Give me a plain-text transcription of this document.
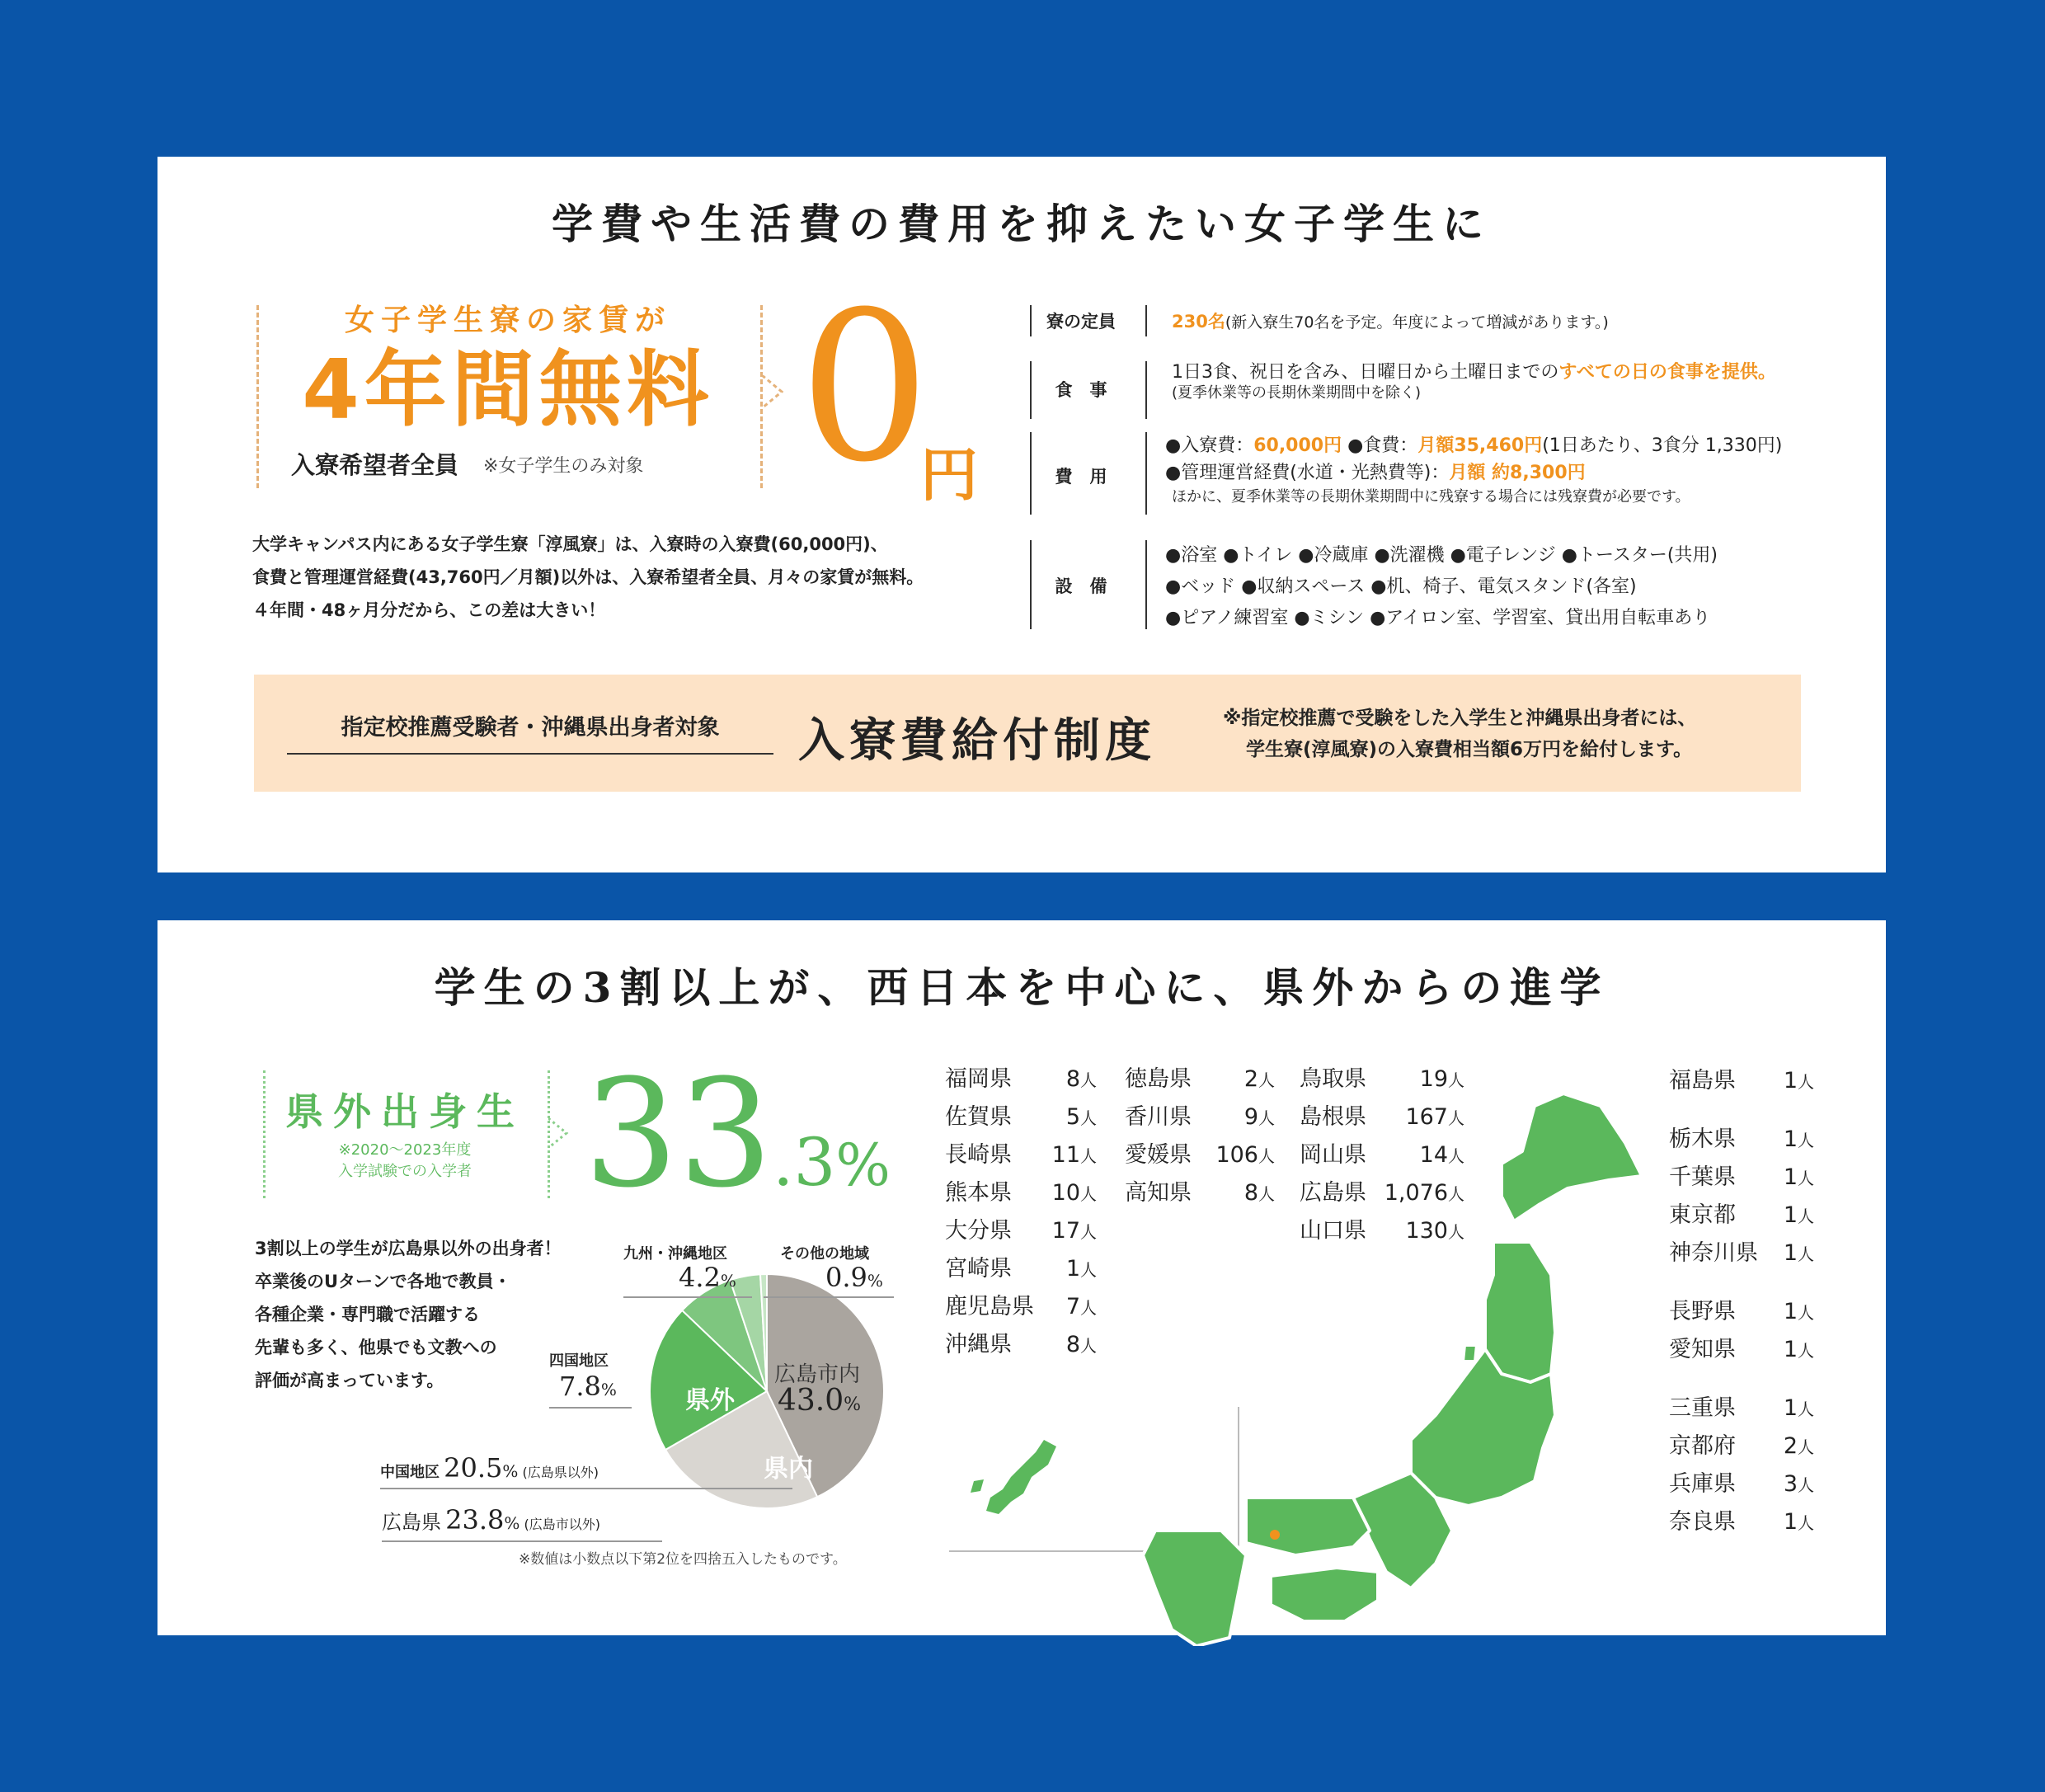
学費や生活費の費用を抑えたい女子学生に
女子学生寮の家賃が
4年間無料
入寮希望者全員 ※女子学生のみ対象 0
円
大学キャンパス内にある女子学生寮「淳風寮」は、入寮時の入寮費(60,000円)、
食費と管理運営経費(43,760円／月額)以外は、入寮希望者全員、月々の家賃が無料。
４年間・48ヶ月分だから、この差は大きい！
寮の定員	230名(新入寮生70名を予定。年度によって増減があります。)
食　事
1日3食、祝日を含み、日曜日から土曜日までのすべての日の食事を提供。
(夏季休業等の長期休業期間中を除く)
費　用
●入寮費：60,000円 ●食費：月額35,460円(1日あたり、3食分 1,330円)
●管理運営経費(水道・光熱費等)：月額 約8,300円
ほかに、夏季休業等の長期休業期間中に残寮する場合には残寮費が必要です。
設　備
●浴室 ●トイレ ●冷蔵庫 ●洗濯機 ●電子レンジ ●トースター(共用)
●ベッド ●収納スペース ●机、椅子、電気スタンド(各室)
●ピアノ練習室 ●ミシン ●アイロン室、学習室、貸出用自転車あり
指定校推薦受験者・沖縄県出身者対象	入寮費給付制度	※指定校推薦で受験をした入学生と沖縄県出身者には、
学生寮(淳風寮)の入寮費相当額6万円を給付します。
学生の3割以上が、西日本を中心に、県外からの進学
県外出身生
※2020～2023年度
入学試験での入学者 33.3%
3割以上の学生が広島県以外の出身者！
卒業後のUターンで各地で教員・
各種企業・専門職で活躍する
先輩も多く、他県でも文教への
評価が高まっています。
県外
県内
九州・沖縄地区
4.2%
その他の地域
0.9%
四国地区
7.8%
中国地区 20.5% (広島県以外)
広島県 23.8% (広島市以外)
広島市内
43.0%
※数値は小数点以下第2位を四捨五入したものです。
福岡県 8人
佐賀県 5人
長崎県 11人
熊本県 10人
大分県 17人
宮崎県 1人
鹿児島県 7人
沖縄県 8人
徳島県 2人
香川県 9人
愛媛県 106人
高知県 8人
鳥取県 19人
島根県 167人
岡山県 14人
広島県 1,076人
山口県 130人
福島県 1人
栃木県 1人
千葉県 1人
東京都 1人
神奈川県 1人
長野県 1人
愛知県 1人
三重県 1人
京都府 2人
兵庫県 3人
奈良県 1人
